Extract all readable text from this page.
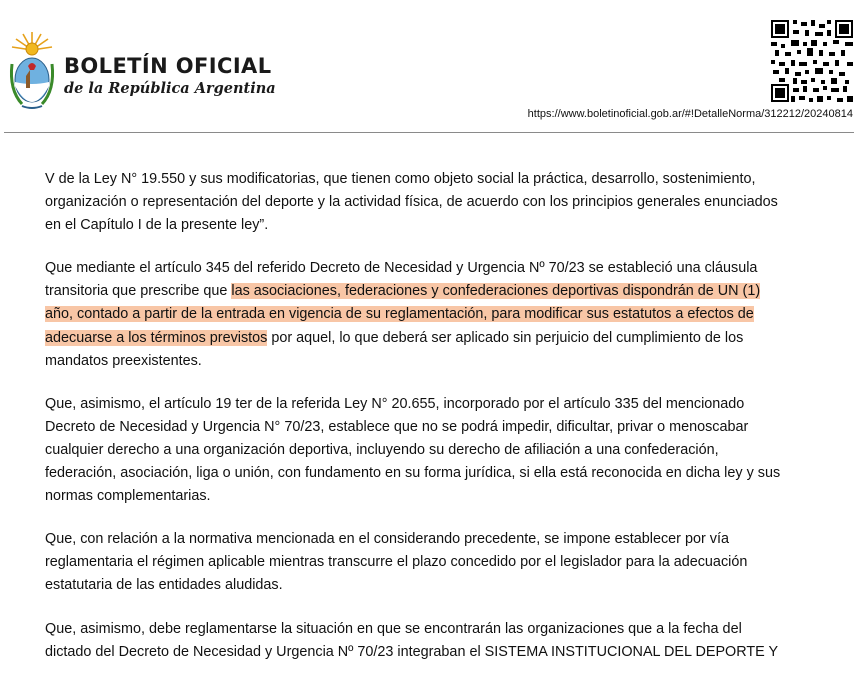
BOLETÍN OFICIAL
de la República Argentina
https://www.boletinoficial.gob.ar/#!DetalleNorma/312212/20240814

V de la Ley N° 19.550 y sus modificatorias, que tienen como objeto social la práctica, desarrollo, sostenimiento,
organización o representación del deporte y la actividad física, de acuerdo con los principios generales enunciados
en el Capítulo I de la presente ley”.

Que mediante el artículo 345 del referido Decreto de Necesidad y Urgencia Nº 70/23 se estableció una cláusula
transitoria que prescribe que las asociaciones, federaciones y confederaciones deportivas dispondrán de UN (1)
año, contado a partir de la entrada en vigencia de su reglamentación, para modificar sus estatutos a efectos de
adecuarse a los términos previstos por aquel, lo que deberá ser aplicado sin perjuicio del cumplimiento de los
mandatos preexistentes.

Que, asimismo, el artículo 19 ter de la referida Ley N° 20.655, incorporado por el artículo 335 del mencionado
Decreto de Necesidad y Urgencia N° 70/23, establece que no se podrá impedir, dificultar, privar o menoscabar
cualquier derecho a una organización deportiva, incluyendo su derecho de afiliación a una confederación,
federación, asociación, liga o unión, con fundamento en su forma jurídica, si ella está reconocida en dicha ley y sus
normas complementarias.

Que, con relación a la normativa mencionada en el considerando precedente, se impone establecer por vía
reglamentaria el régimen aplicable mientras transcurre el plazo concedido por el legislador para la adecuación
estatutaria de las entidades aludidas.

Que, asimismo, debe reglamentarse la situación en que se encontrarán las organizaciones que a la fecha del
dictado del Decreto de Necesidad y Urgencia Nº 70/23 integraban el SISTEMA INSTITUCIONAL DEL DEPORTE Y
